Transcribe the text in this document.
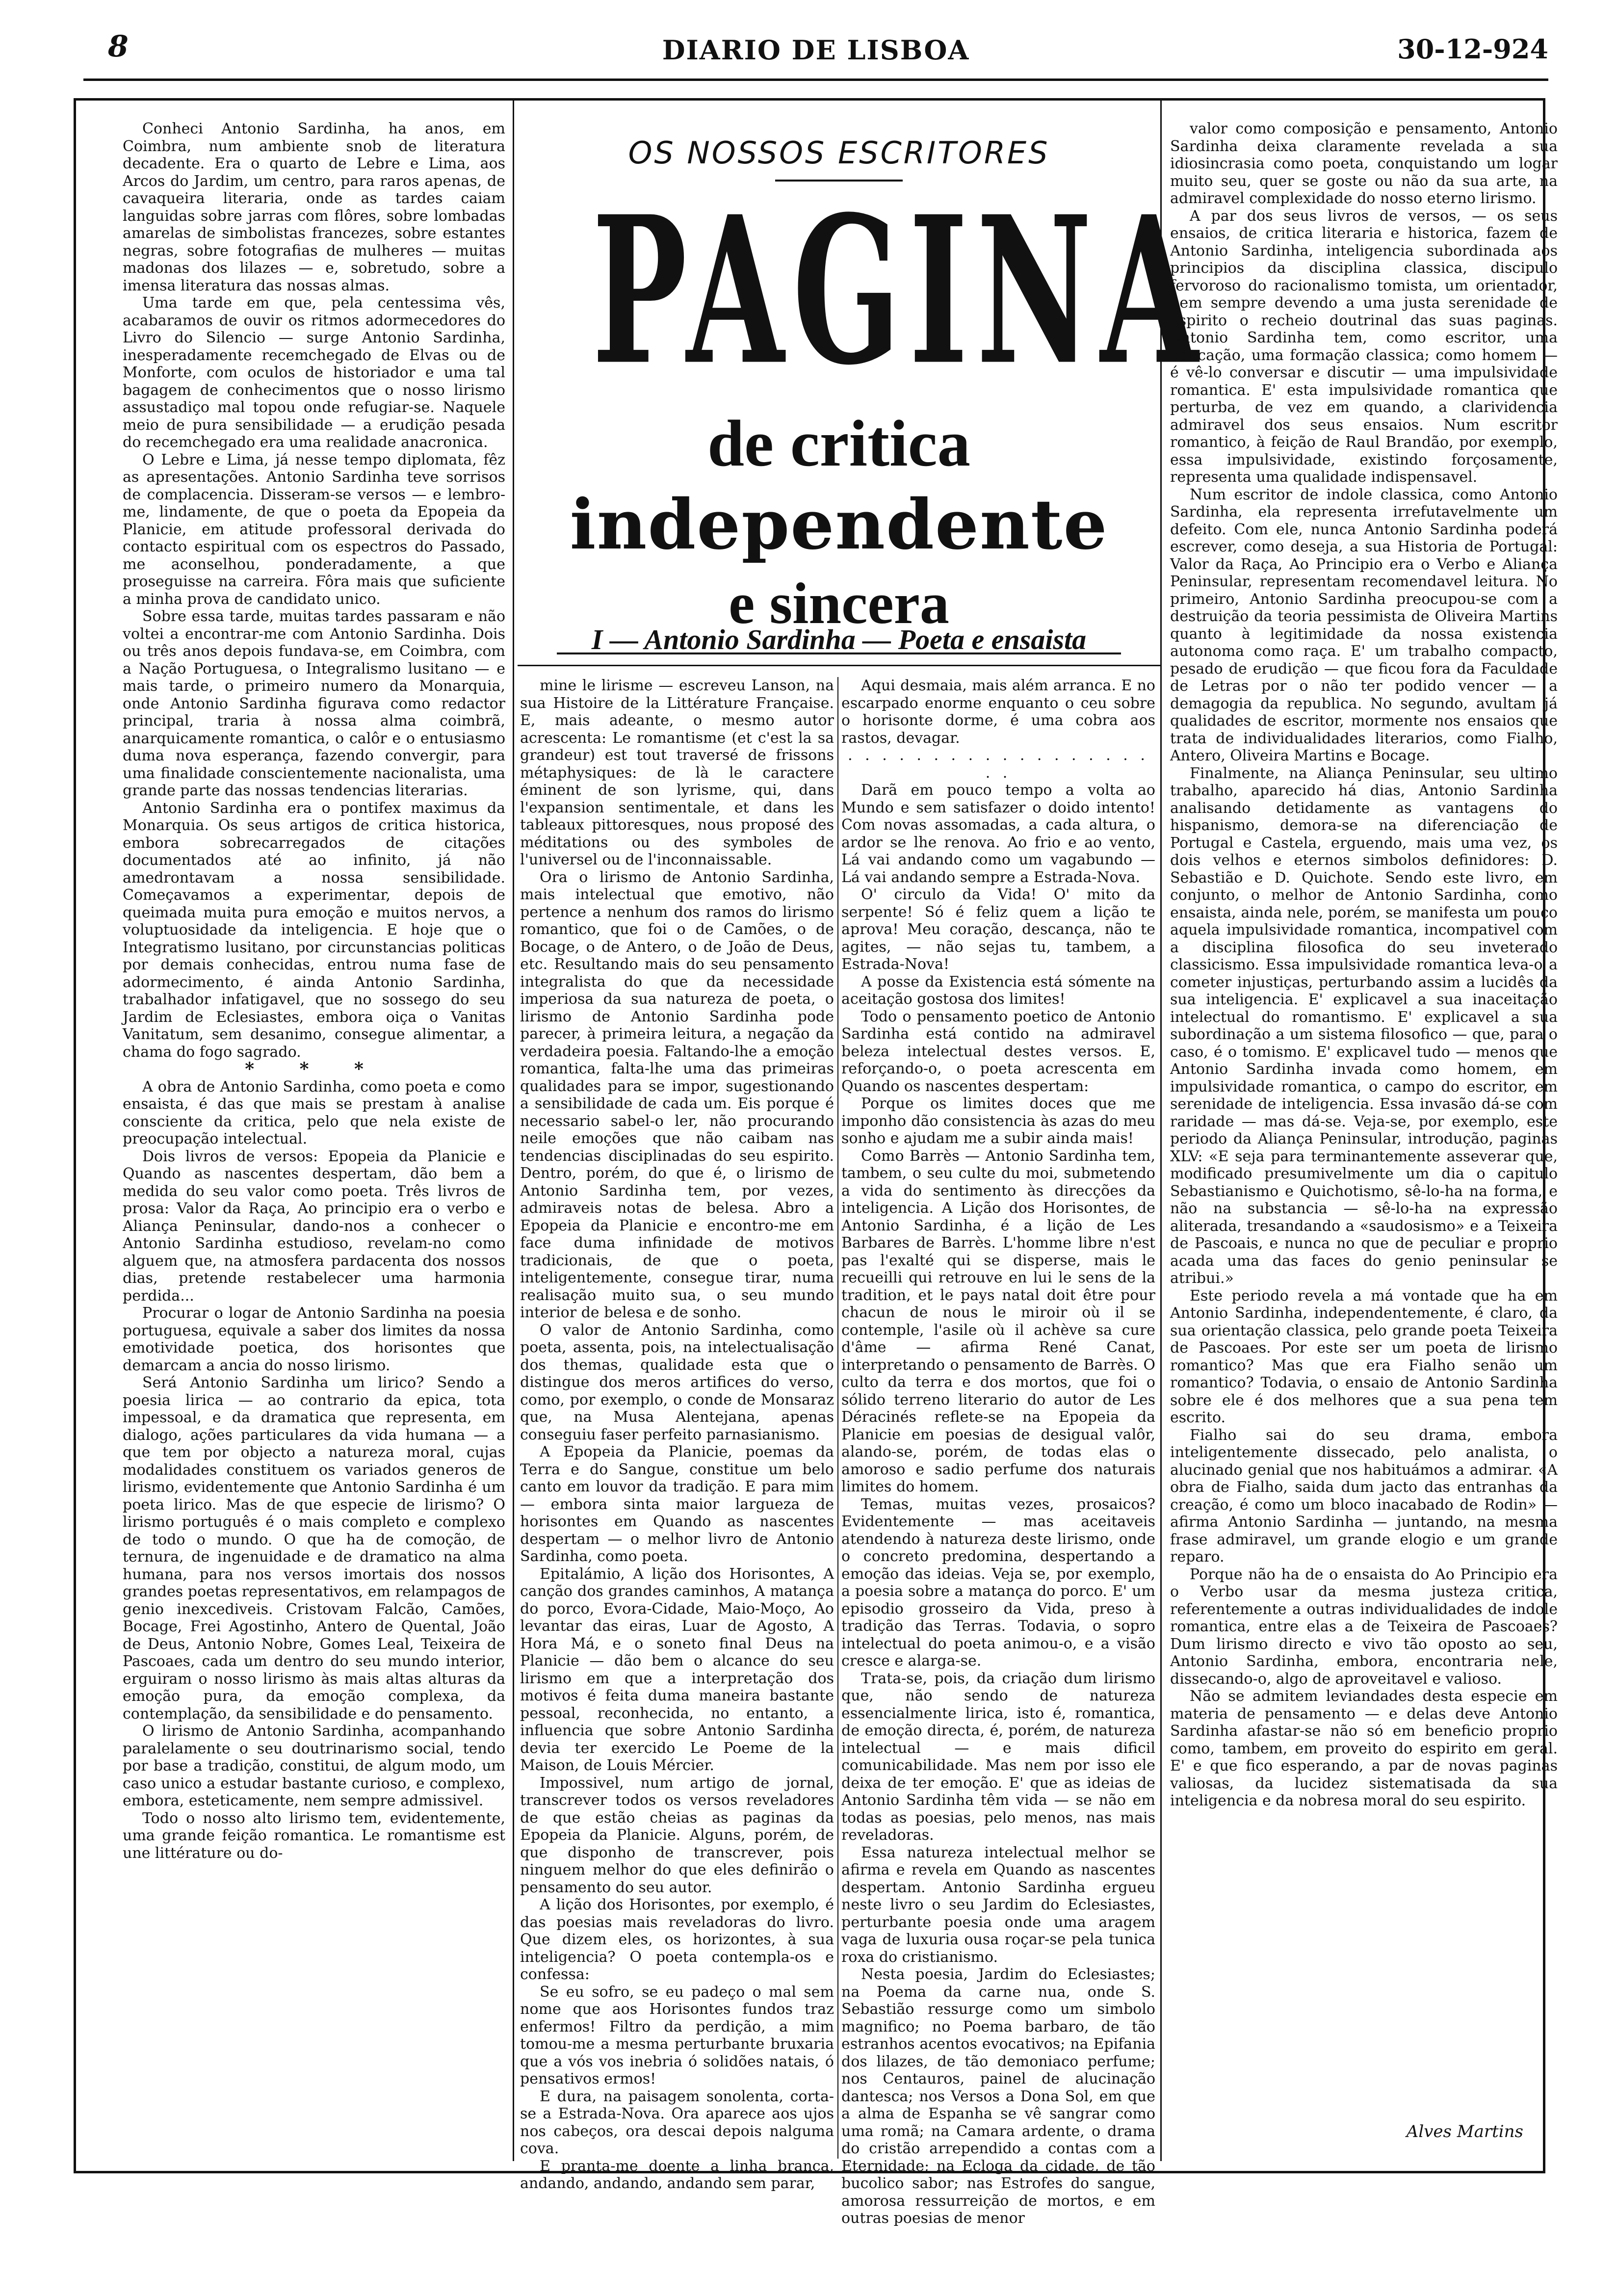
8	DIARIO DE LISBOA	30-12-924

Conheci Antonio Sardinha, ha anos, em Coimbra, num ambiente snob de literatura decadente. Era o quarto de Lebre e Lima, aos Arcos do Jardim, um centro, para raros apenas, de cavaqueira literaria, onde as tardes caiam languidas sobre jarras com flôres, sobre lombadas amarelas de simbolistas francezes, sobre estantes negras, sobre fotografias de mulheres — muitas madonas dos lilazes — e, sobretudo, sobre a imensa literatura das nossas almas.

Uma tarde em que, pela centessima vês, acabaramos de ouvir os ritmos adormecedores do Livro do Silencio — surge Antonio Sardinha, inesperadamente recemchegado de Elvas ou de Monforte, com oculos de historiador e uma tal bagagem de conhecimentos que o nosso lirismo assustadiço mal topou onde refugiar-se. Naquele meio de pura sensibilidade — a erudição pesada do recemchegado era uma realidade anacronica.

O Lebre e Lima, já nesse tempo diplomata, fêz as apresentações. Antonio Sardinha teve sorrisos de complacencia. Disseram-se versos — e lembro-me, lindamente, de que o poeta da Epopeia da Planicie, em atitude professoral derivada do contacto espiritual com os espectros do Passado, me aconselhou, ponderadamente, a que proseguisse na carreira. Fôra mais que suficiente a minha prova de candidato unico.

Sobre essa tarde, muitas tardes passaram e não voltei a encontrar-me com Antonio Sardinha. Dois ou três anos depois fundava-se, em Coimbra, com a Nação Portuguesa, o Integralismo lusitano — e mais tarde, o primeiro numero da Monarquia, onde Antonio Sardinha figurava como redactor principal, traria à nossa alma coimbrã, anarquicamente romantica, o calôr e o entusiasmo duma nova esperança, fazendo convergir, para uma finalidade conscientemente nacionalista, uma grande parte das nossas tendencias literarias.

Antonio Sardinha era o pontifex maximus da Monarquia. Os seus artigos de critica historica, embora sobrecarregados de citações documentados até ao infinito, já não amedrontavam a nossa sensibilidade. Começavamos a experimentar, depois de queimada muita pura emoção e muitos nervos, a voluptuosidade da inteligencia. E hoje que o Integratismo lusitano, por circunstancias politicas por demais conhecidas, entrou numa fase de adormecimento, é ainda Antonio Sardinha, trabalhador infatigavel, que no sossego do seu Jardim de Eclesiastes, embora oiça o Vanitas Vanitatum, sem desanimo, consegue alimentar, a chama do fogo sagrado.

* * *

A obra de Antonio Sardinha, como poeta e como ensaista, é das que mais se prestam à analise consciente da critica, pelo que nela existe de preocupação intelectual.

Dois livros de versos: Epopeia da Planicie e Quando as nascentes despertam, dão bem a medida do seu valor como poeta. Três livros de prosa: Valor da Raça, Ao principio era o verbo e Aliança Peninsular, dando-nos a conhecer o Antonio Sardinha estudioso, revelam-no como alguem que, na atmosfera pardacenta dos nossos dias, pretende restabelecer uma harmonia perdida...

Procurar o logar de Antonio Sardinha na poesia portuguesa, equivale a saber dos limites da nossa emotividade poetica, dos horisontes que demarcam a ancia do nosso lirismo.

Será Antonio Sardinha um lirico? Sendo a poesia lirica — ao contrario da epica, tota impessoal, e da dramatica que representa, em dialogo, ações particulares da vida humana — a que tem por objecto a natureza moral, cujas modalidades constituem os variados generos de lirismo, evidentemente que Antonio Sardinha é um poeta lirico. Mas de que especie de lirismo? O lirismo português é o mais completo e complexo de todo o mundo. O que ha de comoção, de ternura, de ingenuidade e de dramatico na alma humana, para nos versos imortais dos nossos grandes poetas representativos, em relampagos de genio inexcediveis. Cristovam Falcão, Camões, Bocage, Frei Agostinho, Antero de Quental, João de Deus, Antonio Nobre, Gomes Leal, Teixeira de Pascoaes, cada um dentro do seu mundo interior, erguiram o nosso lirismo às mais altas alturas da emoção pura, da emoção complexa, da contemplação, da sensibilidade e do pensamento.

O lirismo de Antonio Sardinha, acompanhando paralelamente o seu doutrinarismo social, tendo por base a tradição, constitui, de algum modo, um caso unico a estudar bastante curioso, e complexo, embora, esteticamente, nem sempre admissivel.

Todo o nosso alto lirismo tem, evidentemente, uma grande feição romantica. Le romantisme est une littérature ou do-

OS NOSSOS ESCRITORES
PAGINA
de critica
independente
e sincera
I — Antonio Sardinha — Poeta e ensaista

mine le lirisme — escreveu Lanson, na sua Histoire de la Littérature Française. E, mais adeante, o mesmo autor acrescenta: Le romantisme (et c'est la sa grandeur) est tout traversé de frissons métaphysiques: de là le caractere éminent de son lyrisme, qui, dans l'expansion sentimentale, et dans les tableaux pittoresques, nous proposé des méditations ou des symboles de l'universel ou de l'inconnaissable.

Ora o lirismo de Antonio Sardinha, mais intelectual que emotivo, não pertence a nenhum dos ramos do lirismo romantico, que foi o de Camões, o de Bocage, o de Antero, o de João de Deus, etc. Resultando mais do seu pensamento integralista do que da necessidade imperiosa da sua natureza de poeta, o lirismo de Antonio Sardinha pode parecer, à primeira leitura, a negação da verdadeira poesia. Faltando-lhe a emoção romantica, falta-lhe uma das primeiras qualidades para se impor, sugestionando a sensibilidade de cada um. Eis porque é necessario sabel-o ler, não procurando neile emoções que não caibam nas tendencias disciplinadas do seu espirito. Dentro, porém, do que é, o lirismo de Antonio Sardinha tem, por vezes, admiraveis notas de belesa. Abro a Epopeia da Planicie e encontro-me em face duma infinidade de motivos tradicionais, de que o poeta, inteligentemente, consegue tirar, numa realisação muito sua, o seu mundo interior de belesa e de sonho.

O valor de Antonio Sardinha, como poeta, assenta, pois, na intelectualisação dos themas, qualidade esta que o distingue dos meros artifices do verso, como, por exemplo, o conde de Monsaraz que, na Musa Alentejana, apenas conseguiu faser perfeito parnasianismo.

A Epopeia da Planicie, poemas da Terra e do Sangue, constitue um belo canto em louvor da tradição. E para mim — embora sinta maior largueza de horisontes em Quando as nascentes despertam — o melhor livro de Antonio Sardinha, como poeta.

Epitalámio, A lição dos Horisontes, A canção dos grandes caminhos, A matança do porco, Evora-Cidade, Maio-Moço, Ao levantar das eiras, Luar de Agosto, A Hora Má, e o soneto final Deus na Planicie — dão bem o alcance do seu lirismo em que a interpretação dos motivos é feita duma maneira bastante pessoal, reconhecida, no entanto, a influencia que sobre Antonio Sardinha devia ter exercido Le Poeme de la Maison, de Louis Mércier.

Impossivel, num artigo de jornal, transcrever todos os versos reveladores de que estão cheias as paginas da Epopeia da Planicie. Alguns, porém, de que disponho de transcrever, pois ninguem melhor do que eles definirão o pensamento do seu autor.

A lição dos Horisontes, por exemplo, é das poesias mais reveladoras do livro. Que dizem eles, os horizontes, à sua inteligencia? O poeta contempla-os e confessa:

Se eu sofro, se eu padeço o mal sem nome que aos Horisontes fundos traz enfermos! Filtro da perdição, a mim tomou-me a mesma perturbante bruxaria que a vós vos inebria ó solidões natais, ó pensativos ermos!

E dura, na paisagem sonolenta, corta-se a Estrada-Nova. Ora aparece aos ujos nos cabeços, ora descai depois nalguma cova.

E pranta-me doente a linha branca, andando, andando, andando sem parar,

Aqui desmaia, mais além arranca. E no escarpado enorme enquanto o ceu sobre o horisonte dorme, é uma cobra aos rastos, devagar.

. . . . . . . . . . . . . . . . . . . .

Darã em pouco tempo a volta ao Mundo e sem satisfazer o doido intento! Com novas assomadas, a cada altura, o ardor se lhe renova. Ao frio e ao vento, Lá vai andando como um vagabundo — Lá vai andando sempre a Estrada-Nova.

O' circulo da Vida! O' mito da serpente! Só é feliz quem a lição te aprova! Meu coração, descança, não te agites, — não sejas tu, tambem, a Estrada-Nova!

A posse da Existencia está sómente na aceitação gostosa dos limites!

Todo o pensamento poetico de Antonio Sardinha está contido na admiravel beleza intelectual destes versos. E, reforçando-o, o poeta acrescenta em Quando os nascentes despertam:

Porque os limites doces que me imponho dão consistencia às azas do meu sonho e ajudam me a subir ainda mais!

Como Barrès — Antonio Sardinha tem, tambem, o seu culte du moi, submetendo a vida do sentimento às direcções da inteligencia. A Lição dos Horisontes, de Antonio Sardinha, é a lição de Les Barbares de Barrès. L'homme libre n'est pas l'exalté qui se disperse, mais le recueilli qui retrouve en lui le sens de la tradition, et le pays natal doit être pour chacun de nous le miroir où il se contemple, l'asile où il achève sa cure d'âme — afirma René Canat, interpretando o pensamento de Barrès. O culto da terra e dos mortos, que foi o sólido terreno literario do autor de Les Déracinés reflete-se na Epopeia da Planicie em poesias de desigual valôr, alando-se, porém, de todas elas o amoroso e sadio perfume dos naturais limites do homem.

Temas, muitas vezes, prosaicos? Evidentemente — mas aceitaveis atendendo à natureza deste lirismo, onde o concreto predomina, despertando a emoção das ideias. Veja se, por exemplo, a poesia sobre a matança do porco. E' um episodio grosseiro da Vida, preso à tradição das Terras. Todavia, o sopro intelectual do poeta animou-o, e a visão cresce e alarga-se.

Trata-se, pois, da criação dum lirismo que, não sendo de natureza essencialmente lirica, isto é, romantica, de emoção directa, é, porém, de natureza intelectual — e mais dificil comunicabilidade. Mas nem por isso ele deixa de ter emoção. E' que as ideias de Antonio Sardinha têm vida — se não em todas as poesias, pelo menos, nas mais reveladoras.

Essa natureza intelectual melhor se afirma e revela em Quando as nascentes despertam. Antonio Sardinha ergueu neste livro o seu Jardim do Eclesiastes, perturbante poesia onde uma aragem vaga de luxuria ousa roçar-se pela tunica roxa do cristianismo.

Nesta poesia, Jardim do Eclesiastes; na Poema da carne nua, onde S. Sebastião ressurge como um simbolo magnifico; no Poema barbaro, de tão estranhos acentos evocativos; na Epifania dos lilazes, de tão demoniaco perfume; nos Centauros, painel de alucinação dantesca; nos Versos a Dona Sol, em que a alma de Espanha se vê sangrar como uma romã; na Camara ardente, o drama do cristão arrependido a contas com a Eternidade; na Ecloga da cidade, de tão bucolico sabor; nas Estrofes do sangue, amorosa ressurreição de mortos, e em outras poesias de menor

valor como composição e pensamento, Antonio Sardinha deixa claramente revelada a sua idiosincrasia como poeta, conquistando um logar muito seu, quer se goste ou não da sua arte, na admiravel complexidade do nosso eterno lirismo.

A par dos seus livros de versos, — os seus ensaios, de critica literaria e historica, fazem de Antonio Sardinha, inteligencia subordinada aos principios da disciplina classica, discipulo fervoroso do racionalismo tomista, um orientador, nem sempre devendo a uma justa serenidade de espirito o recheio doutrinal das suas paginas. Antonio Sardinha tem, como escritor, uma educação, uma formação classica; como homem — é vê-lo conversar e discutir — uma impulsividade romantica. E' esta impulsividade romantica que perturba, de vez em quando, a clarividencia admiravel dos seus ensaios. Num escritor romantico, à feição de Raul Brandão, por exemplo, essa impulsividade, existindo forçosamente, representa uma qualidade indispensavel.

Num escritor de indole classica, como Antonio Sardinha, ela representa irrefutavelmente um defeito. Com ele, nunca Antonio Sardinha poderá escrever, como deseja, a sua Historia de Portugal: Valor da Raça, Ao Principio era o Verbo e Aliança Peninsular, representam recomendavel leitura. No primeiro, Antonio Sardinha preocupou-se com a destruição da teoria pessimista de Oliveira Martins quanto à legitimidade da nossa existencia autonoma como raça. E' um trabalho compacto, pesado de erudição — que ficou fora da Faculdade de Letras por o não ter podido vencer — a demagogia da republica. No segundo, avultam já qualidades de escritor, mormente nos ensaios que trata de individualidades literarios, como Fialho, Antero, Oliveira Martins e Bocage.

Finalmente, na Aliança Peninsular, seu ultimo trabalho, aparecido há dias, Antonio Sardinha analisando detidamente as vantagens do hispanismo, demora-se na diferenciação de Portugal e Castela, erguendo, mais uma vez, os dois velhos e eternos simbolos definidores: D. Sebastião e D. Quichote. Sendo este livro, em conjunto, o melhor de Antonio Sardinha, como ensaista, ainda nele, porém, se manifesta um pouco aquela impulsividade romantica, incompativel com a disciplina filosofica do seu inveterado classicismo. Essa impulsividade romantica leva-o a cometer injustiças, perturbando assim a lucidês da sua inteligencia. E' explicavel a sua inaceitação intelectual do romantismo. E' explicavel a sua subordinação a um sistema filosofico — que, para o caso, é o tomismo. E' explicavel tudo — menos que Antonio Sardinha invada como homem, em impulsividade romantica, o campo do escritor, em serenidade de inteligencia. Essa invasão dá-se com raridade — mas dá-se. Veja-se, por exemplo, este periodo da Aliança Peninsular, introdução, paginas XLV: «E seja para terminantemente asseverar que, modificado presumivelmente um dia o capitulo Sebastianismo e Quichotismo, sê-lo-ha na forma, e não na substancia — sê-lo-ha na expressão aliterada, tresandando a «saudosismo» e a Teixeira de Pascoais, e nunca no que de peculiar e proprio acada uma das faces do genio peninsular se atribui.»

Este periodo revela a má vontade que ha em Antonio Sardinha, independentemente, é claro, da sua orientação classica, pelo grande poeta Teixeira de Pascoaes. Por este ser um poeta de lirismo romantico? Mas que era Fialho senão um romantico? Todavia, o ensaio de Antonio Sardinha sobre ele é dos melhores que a sua pena tem escrito.

Fialho sai do seu drama, embora inteligentemente dissecado, pelo analista, o alucinado genial que nos habituámos a admirar. «A obra de Fialho, saida dum jacto das entranhas da creação, é como um bloco inacabado de Rodin» — afirma Antonio Sardinha — juntando, na mesma frase admiravel, um grande elogio e um grande reparo.

Porque não ha de o ensaista do Ao Principio era o Verbo usar da mesma justeza critica, referentemente a outras individualidades de indole romantica, entre elas a de Teixeira de Pascoaes? Dum lirismo directo e vivo tão oposto ao seu, Antonio Sardinha, embora, encontraria nele, dissecando-o, algo de aproveitavel e valioso.

Não se admitem leviandades desta especie em materia de pensamento — e delas deve Antonio Sardinha afastar-se não só em beneficio proprio como, tambem, em proveito do espirito em geral. E' e que fico esperando, a par de novas paginas valiosas, da lucidez sistematisada da sua inteligencia e da nobresa moral do seu espirito.

Alves Martins
